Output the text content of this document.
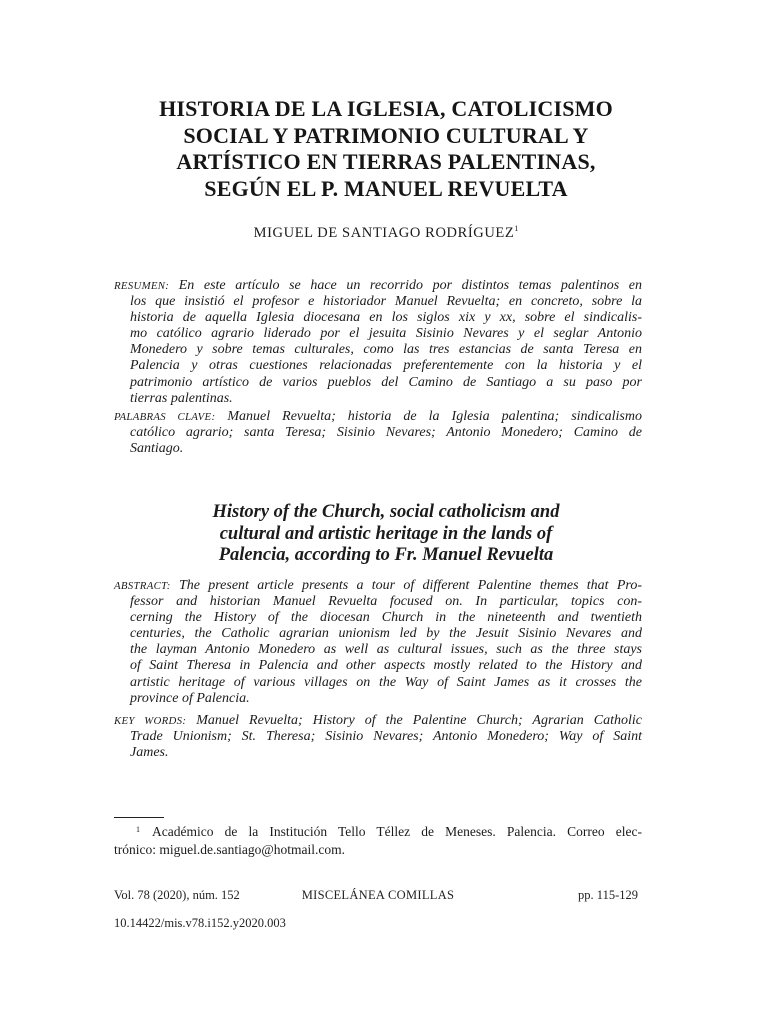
HISTORIA DE LA IGLESIA, CATOLICISMO
SOCIAL Y PATRIMONIO CULTURAL Y
ARTÍSTICO EN TIERRAS PALENTINAS,
SEGÚN EL P. MANUEL REVUELTA
MIGUEL DE SANTIAGO RODRÍGUEZ$^1$
RESUMEN: En este artículo se hace un recorrido por distintos temas palentinos en
los que insistió el profesor e historiador Manuel Revuelta; en concreto, sobre la
historia de aquella Iglesia diocesana en los siglos xix y xx, sobre el sindicalis-
mo católico agrario liderado por el jesuita Sisinio Nevares y el seglar Antonio
Monedero y sobre temas culturales, como las tres estancias de santa Teresa en
Palencia y otras cuestiones relacionadas preferentemente con la historia y el
patrimonio artístico de varios pueblos del Camino de Santiago a su paso por
tierras palentinas.
PALABRAS CLAVE: Manuel Revuelta; historia de la Iglesia palentina; sindicalismo
católico agrario; santa Teresa; Sisinio Nevares; Antonio Monedero; Camino de
Santiago.
History of the Church, social catholicism and
cultural and artistic heritage in the lands of
Palencia, according to Fr. Manuel Revuelta
ABSTRACT: The present article presents a tour of different Palentine themes that Pro-
fessor and historian Manuel Revuelta focused on. In particular, topics con-
cerning the History of the diocesan Church in the nineteenth and twentieth
centuries, the Catholic agrarian unionism led by the Jesuit Sisinio Nevares and
the layman Antonio Monedero as well as cultural issues, such as the three stays
of Saint Theresa in Palencia and other aspects mostly related to the History and
artistic heritage of various villages on the Way of Saint James as it crosses the
province of Palencia.
KEY WORDS: Manuel Revuelta; History of the Palentine Church; Agrarian Catholic
Trade Unionism; St. Theresa; Sisinio Nevares; Antonio Monedero; Way of Saint
James.
$^1$ Académico de la Institución Tello Téllez de Meneses. Palencia. Correo elec-
trónico: miguel.de.santiago@hotmail.com.
Vol. 78 (2020), núm. 152	MISCELÁNEA COMILLAS	pp. 115-129
10.14422/mis.v78.i152.y2020.003
